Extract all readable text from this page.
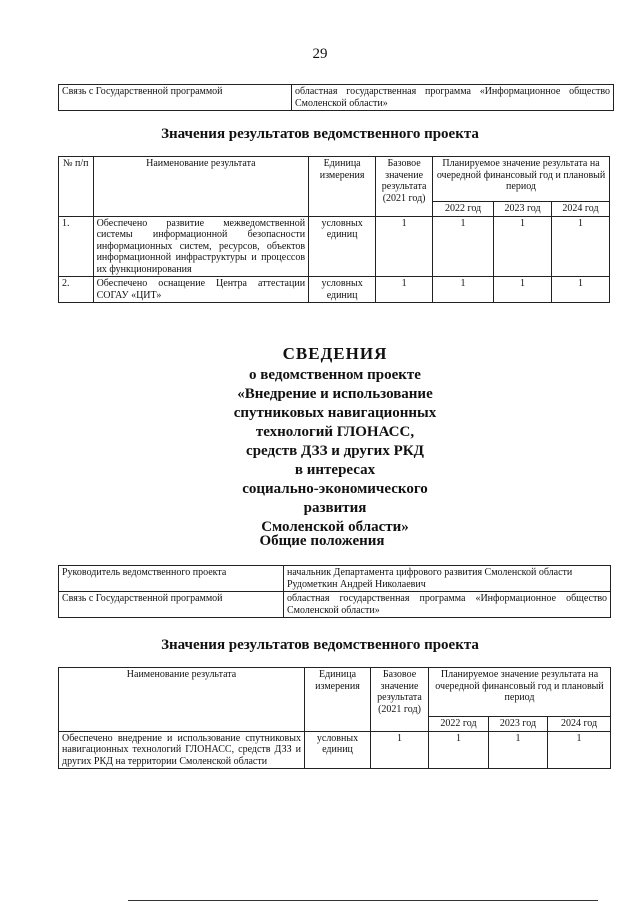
29
Связь с Государственной программой	областная государственная программа «Информационное общество Смоленской области»
Значения результатов ведомственного проекта
№ п/п	Наименование результата	Единица измерения	Базовое значение результата (2021 год)	Планируемое значение результата на очередной финансовый год и плановый период		
				2022 год	2023 год	2024 год
1.	Обеспечено развитие межведомственной системы информационной безопасности информационных систем, ресурсов, объектов информационной инфраструктуры и процессов их функционирования	условных единиц	1	1	1	1
2.	Обеспечено оснащение Центра аттестации СОГАУ «ЦИТ»	условных единиц	1	1	1	1
СВЕДЕНИЯ
о ведомственном проекте
«Внедрение и использование
спутниковых навигационных
технологий ГЛОНАСС,
средств ДЗЗ и других РКД
в интересах
социально-экономического
развития
Смоленской области»
Общие положения
Руководитель ведомственного проекта	начальник Департамента цифрового развития Смоленской области Рудометкин Андрей Николаевич
Связь с Государственной программой	областная государственная программа «Информационное общество Смоленской области»
Значения результатов ведомственного проекта
Наименование результата	Единица измерения	Базовое значение результата (2021 год)	Планируемое значение результата на очередной финансовый год и плановый период		
			2022 год	2023 год	2024 год
Обеспечено внедрение и использование спутниковых навигационных технологий ГЛОНАСС, средств ДЗЗ и других РКД на территории Смоленской области	условных единиц	1	1	1	1
